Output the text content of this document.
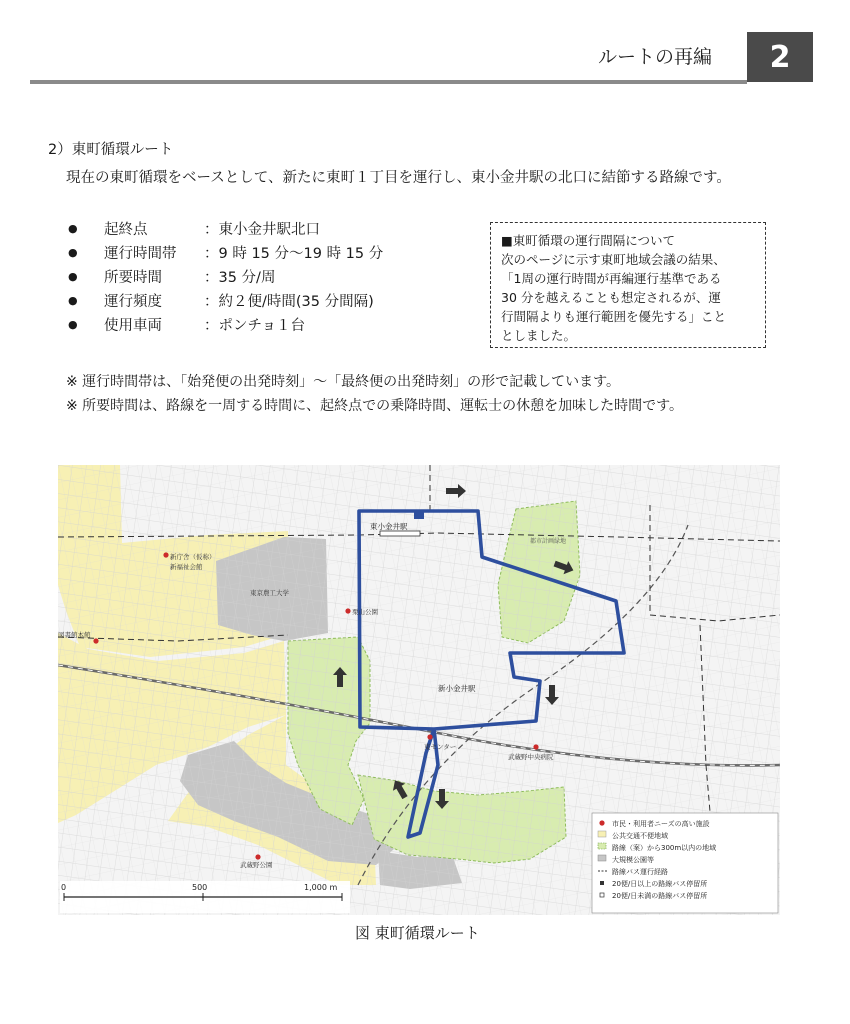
ルートの再編	2
2）東町循環ルート
現在の東町循環をベースとして、新たに東町１丁目を運行し、東小金井駅の北口に結節する路線です。
●	起終点	：東小金井駅北口
●	運行時間帯	：9 時 15 分～19 時 15 分
●	所要時間	：35 分/周
●	運行頻度	：約２便/時間(35 分間隔)
●	使用車両	：ポンチョ１台
■東町循環の運行間隔について
次のページに示す東町地域会議の結果、
「1周の運行時間が再編運行基準である
30 分を越えることも想定されるが、運
行間隔よりも運行範囲を優先する」こと
としました。
※ 運行時間帯は、「始発便の出発時刻」～「最終便の出発時刻」の形で記載しています。
※ 所要時間は、路線を一周する時間に、起終点での乗降時間、運転士の休憩を加味した時間です。
東小金井駅
新小金井駅
新庁舎（仮称）
新福祉会館
東京農工大学
栗山公園
図書館本館
東センター
武蔵野中央病院
武蔵野公園
都市計画緑地
市民・利用者ニーズの高い施設
公共交通不便地域
路線（案）から300m以内の地域
大規模公園等
路線バス運行経路
20便/日以上の路線バス停留所
20便/日未満の路線バス停留所
0	500	1,000 m
図 東町循環ルート
